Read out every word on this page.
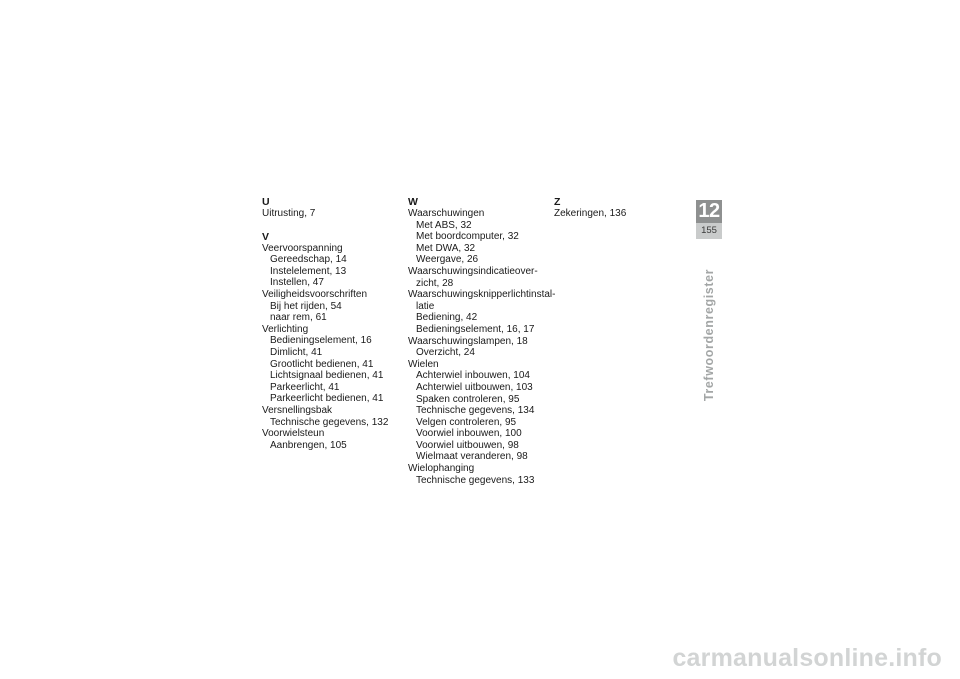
U
Uitrusting, 7
V
Veervoorspanning
Gereedschap, 14
Instelelement, 13
Instellen, 47
Veiligheidsvoorschriften
Bij het rijden, 54
naar rem, 61
Verlichting
Bedieningselement, 16
Dimlicht, 41
Grootlicht bedienen, 41
Lichtsignaal bedienen, 41
Parkeerlicht, 41
Parkeerlicht bedienen, 41
Versnellingsbak
Technische gegevens, 132
Voorwielsteun
Aanbrengen, 105
W
Waarschuwingen
Met ABS, 32
Met boordcomputer, 32
Met DWA, 32
Weergave, 26
Waarschuwingsindicatieover-
zicht, 28
Waarschuwingsknipperlichtinstal-
latie
Bediening, 42
Bedieningselement, 16, 17
Waarschuwingslampen, 18
Overzicht, 24
Wielen
Achterwiel inbouwen, 104
Achterwiel uitbouwen, 103
Spaken controleren, 95
Technische gegevens, 134
Velgen controleren, 95
Voorwiel inbouwen, 100
Voorwiel uitbouwen, 98
Wielmaat veranderen, 98
Wielophanging
Technische gegevens, 133
Z
Zekeringen, 136	12
155
Trefwoordenregister
carmanualsonline.info
